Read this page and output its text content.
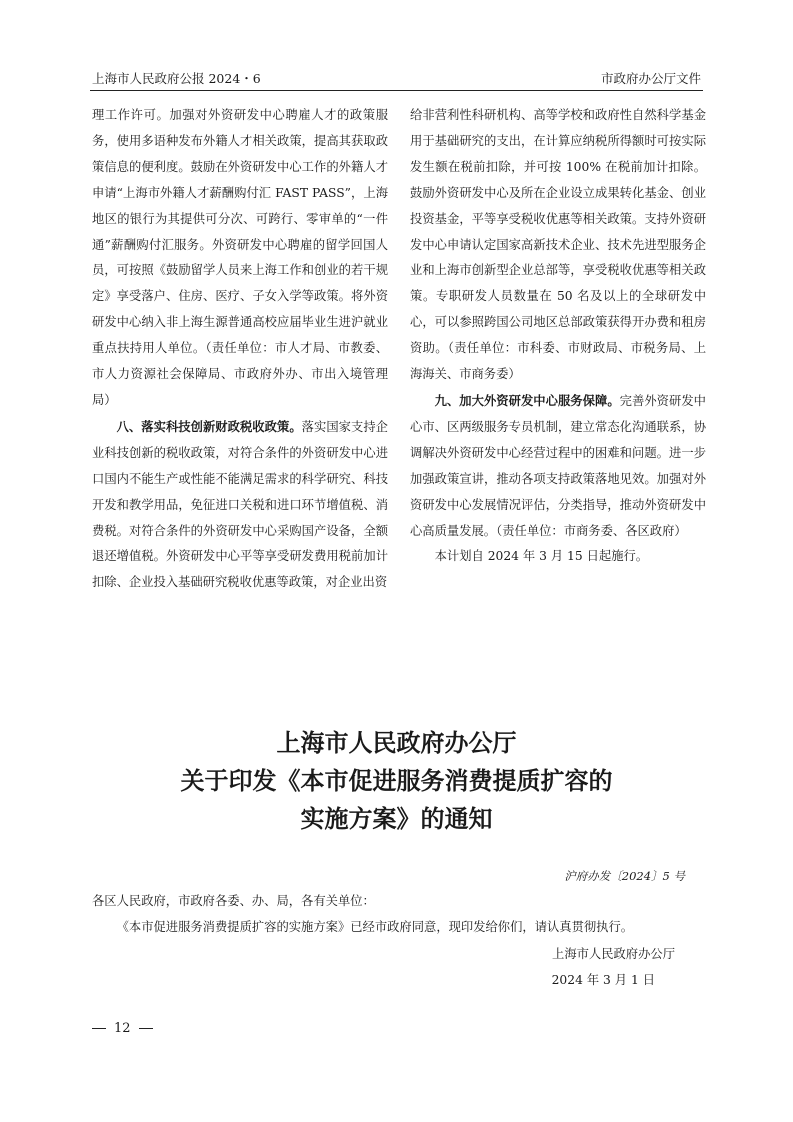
上海市人民政府公报 2024・6	市政府办公厅文件

理工作许可。加强对外资研发中心聘雇人才的政策服务，使用多语种发布外籍人才相关政策，提高其获取政策信息的便利度。鼓励在外资研发中心工作的外籍人才申请“上海市外籍人才薪酬购付汇 FAST PASS”，上海地区的银行为其提供可分次、可跨行、零审单的“一件通”薪酬购付汇服务。外资研发中心聘雇的留学回国人员，可按照《鼓励留学人员来上海工作和创业的若干规定》享受落户、住房、医疗、子女入学等政策。将外资研发中心纳入非上海生源普通高校应届毕业生进沪就业重点扶持用人单位。（责任单位：市人才局、市教委、市人力资源社会保障局、市政府外办、市出入境管理局）

八、落实科技创新财政税收政策。落实国家支持企业科技创新的税收政策，对符合条件的外资研发中心进口国内不能生产或性能不能满足需求的科学研究、科技开发和教学用品，免征进口关税和进口环节增值税、消费税。对符合条件的外资研发中心采购国产设备，全额退还增值税。外资研发中心平等享受研发费用税前加计扣除、企业投入基础研究税收优惠等政策，对企业出资

给非营利性科研机构、高等学校和政府性自然科学基金用于基础研究的支出，在计算应纳税所得额时可按实际发生额在税前扣除，并可按 100% 在税前加计扣除。鼓励外资研发中心及所在企业设立成果转化基金、创业投资基金，平等享受税收优惠等相关政策。支持外资研发中心申请认定国家高新技术企业、技术先进型服务企业和上海市创新型企业总部等，享受税收优惠等相关政策。专职研发人员数量在 50 名及以上的全球研发中心，可以参照跨国公司地区总部政策获得开办费和租房资助。（责任单位：市科委、市财政局、市税务局、上海海关、市商务委）

九、加大外资研发中心服务保障。完善外资研发中心市、区两级服务专员机制，建立常态化沟通联系，协调解决外资研发中心经营过程中的困难和问题。进一步加强政策宣讲，推动各项支持政策落地见效。加强对外资研发中心发展情况评估，分类指导，推动外资研发中心高质量发展。（责任单位：市商务委、各区政府）

本计划自 2024 年 3 月 15 日起施行。

上海市人民政府办公厅
关于印发《本市促进服务消费提质扩容的
实施方案》的通知
沪府办发〔2024〕5 号
各区人民政府，市政府各委、办、局，各有关单位：
《本市促进服务消费提质扩容的实施方案》已经市政府同意，现印发给你们，请认真贯彻执行。
上海市人民政府办公厅
2024 年 3 月 1 日
12
